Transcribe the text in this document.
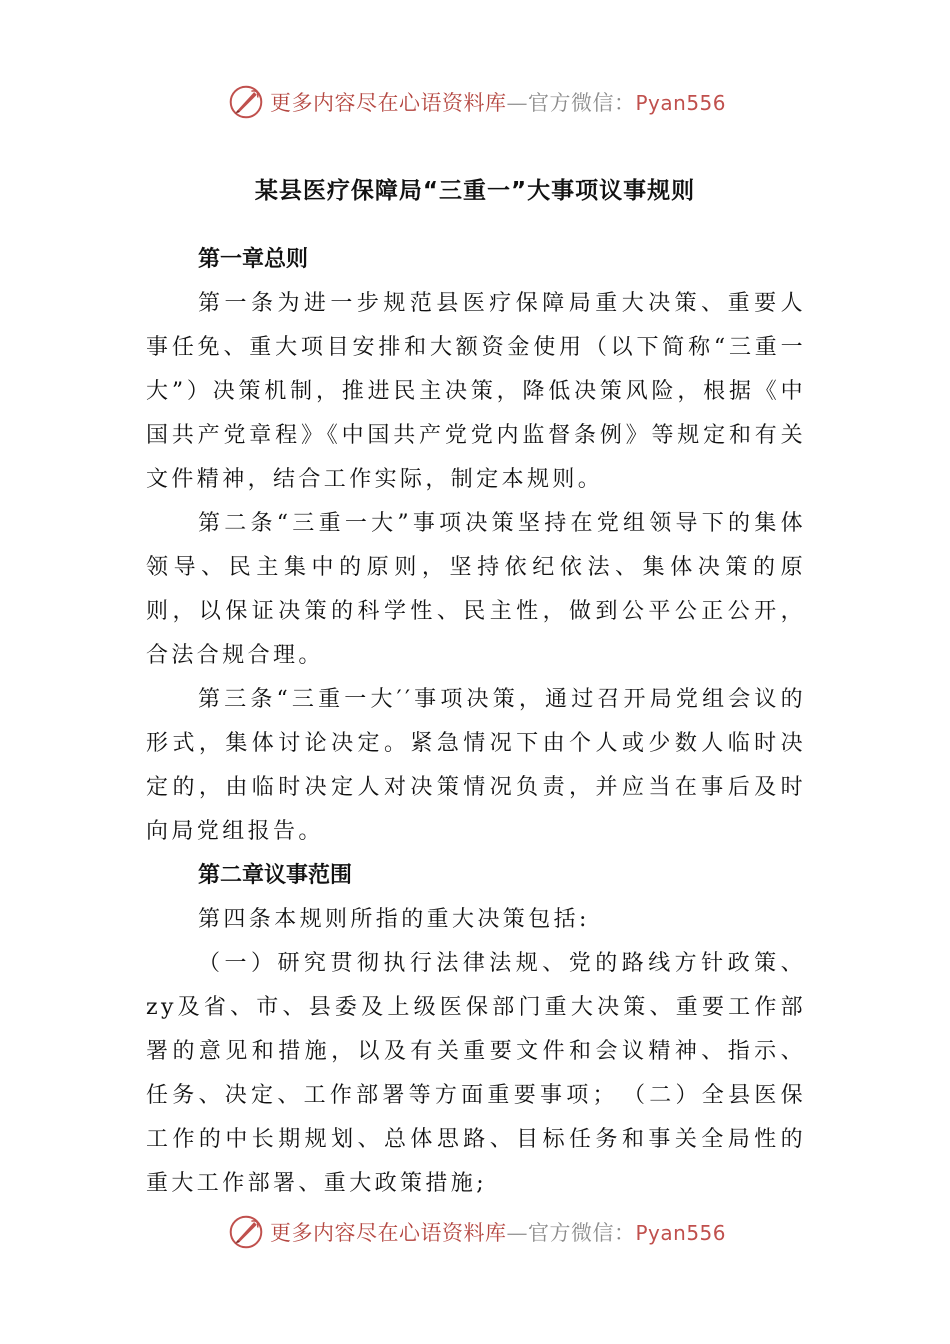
更多内容尽在心语资料库—官方微信：Pyan556
某县医疗保障局“三重一”大事项议事规则
第一章总则

第一条为进一步规范县医疗保障局重大决策、重要人事任免、重大项目安排和大额资金使用（以下简称“三重一大”）决策机制，推进民主决策，降低决策风险，根据《中国共产党章程》《中国共产党党内监督条例》等规定和有关文件精神，结合工作实际，制定本规则。

第二条“三重一大”事项决策坚持在党组领导下的集体领导、民主集中的原则，坚持依纪依法、集体决策的原则，以保证决策的科学性、民主性，做到公平公正公开，合法合规合理。

第三条“三重一大′′事项决策，通过召开局党组会议的形式，集体讨论决定。紧急情况下由个人或少数人临时决定的，由临时决定人对决策情况负责，并应当在事后及时向局党组报告。

第二章议事范围

第四条本规则所指的重大决策包括:

（一）研究贯彻执行法律法规、党的路线方针政策、zy及省、市、县委及上级医保部门重大决策、重要工作部署的意见和措施，以及有关重要文件和会议精神、指示、任务、决定、工作部署等方面重要事项；　（二）全县医保工作的中长期规划、总体思路、目标任务和事关全局性的重大工作部署、重大政策措施;

更多内容尽在心语资料库—官方微信：Pyan556
